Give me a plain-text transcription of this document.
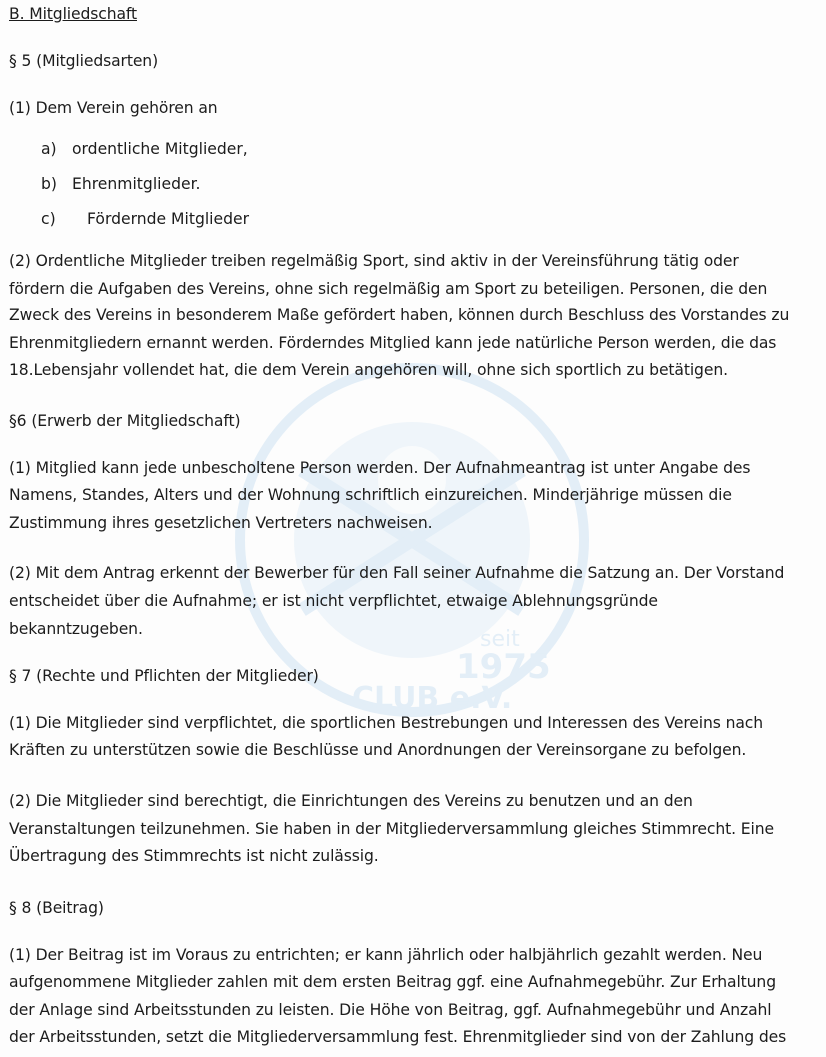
seit
1975
CLUB e.V.
B. Mitgliedschaft
§ 5 (Mitgliedsarten)
(1) Dem Verein gehören an
a) ordentliche Mitglieder,
b) Ehrenmitglieder.
c) Fördernde Mitglieder
(2) Ordentliche Mitglieder treiben regelmäßig Sport, sind aktiv in der Vereinsführung tätig oder
fördern die Aufgaben des Vereins, ohne sich regelmäßig am Sport zu beteiligen. Personen, die den
Zweck des Vereins in besonderem Maße gefördert haben, können durch Beschluss des Vorstandes zu
Ehrenmitgliedern ernannt werden. Förderndes Mitglied kann jede natürliche Person werden, die das
18.Lebensjahr vollendet hat, die dem Verein angehören will, ohne sich sportlich zu betätigen.
§6 (Erwerb der Mitgliedschaft)
(1) Mitglied kann jede unbescholtene Person werden. Der Aufnahmeantrag ist unter Angabe des
Namens, Standes, Alters und der Wohnung schriftlich einzureichen. Minderjährige müssen die
Zustimmung ihres gesetzlichen Vertreters nachweisen.
(2) Mit dem Antrag erkennt der Bewerber für den Fall seiner Aufnahme die Satzung an. Der Vorstand
entscheidet über die Aufnahme; er ist nicht verpflichtet, etwaige Ablehnungsgründe
bekanntzugeben.
§ 7 (Rechte und Pflichten der Mitglieder)
(1) Die Mitglieder sind verpflichtet, die sportlichen Bestrebungen und Interessen des Vereins nach
Kräften zu unterstützen sowie die Beschlüsse und Anordnungen der Vereinsorgane zu befolgen.
(2) Die Mitglieder sind berechtigt, die Einrichtungen des Vereins zu benutzen und an den
Veranstaltungen teilzunehmen. Sie haben in der Mitgliederversammlung gleiches Stimmrecht. Eine
Übertragung des Stimmrechts ist nicht zulässig.
§ 8 (Beitrag)
(1) Der Beitrag ist im Voraus zu entrichten; er kann jährlich oder halbjährlich gezahlt werden. Neu
aufgenommene Mitglieder zahlen mit dem ersten Beitrag ggf. eine Aufnahmegebühr. Zur Erhaltung
der Anlage sind Arbeitsstunden zu leisten. Die Höhe von Beitrag, ggf. Aufnahmegebühr und Anzahl
der Arbeitsstunden, setzt die Mitgliederversammlung fest. Ehrenmitglieder sind von der Zahlung des
